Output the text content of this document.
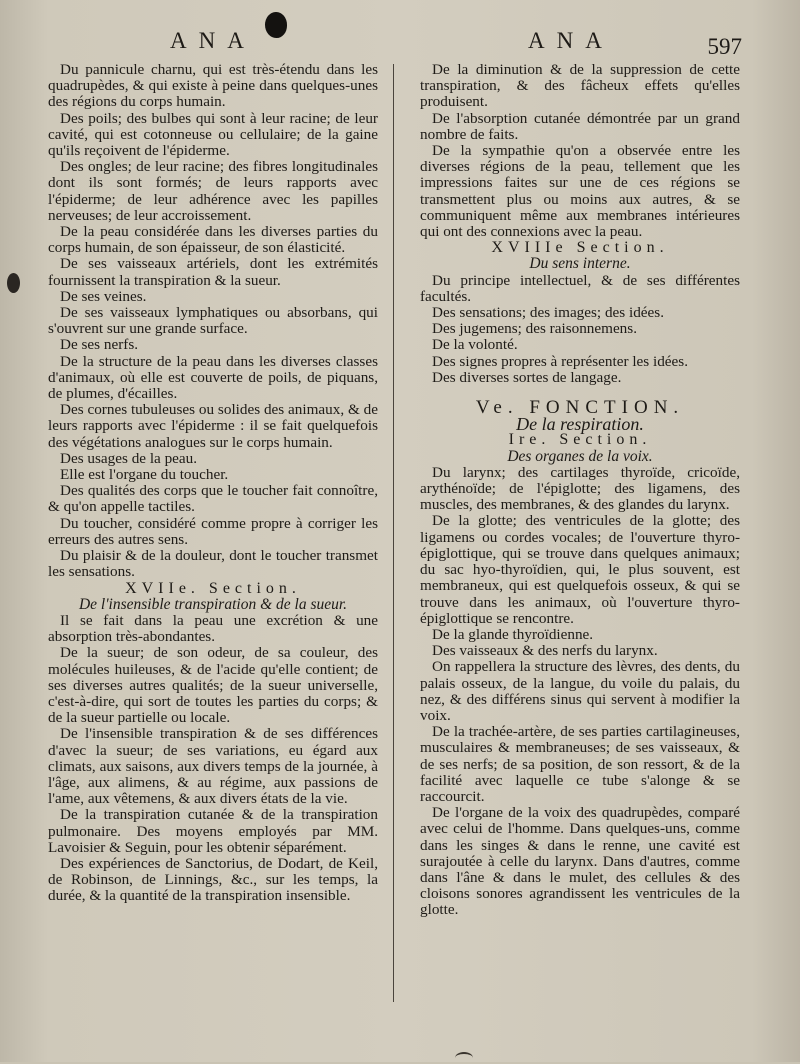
ANA	ANA	597

Du pannicule charnu, qui est très-étendu dans les quadrupèdes, & qui existe à peine dans quelques-unes des régions du corps humain.

Des poils; des bulbes qui sont à leur racine; de leur cavité, qui est cotonneuse ou cellulaire; de la gaine qu'ils reçoivent de l'épiderme.

Des ongles; de leur racine; des fibres longitudinales dont ils sont formés; de leurs rapports avec l'épiderme; de leur adhérence avec les papilles nerveuses; de leur accroissement.

De la peau considérée dans les diverses parties du corps humain, de son épaisseur, de son élasticité.

De ses vaisseaux artériels, dont les extrémités fournissent la transpiration & la sueur.

De ses veines.

De ses vaisseaux lymphatiques ou absorbans, qui s'ouvrent sur une grande surface.

De ses nerfs.

De la structure de la peau dans les diverses classes d'animaux, où elle est couverte de poils, de piquans, de plumes, d'écailles.

Des cornes tubuleuses ou solides des animaux, & de leurs rapports avec l'épiderme : il se fait quelquefois des végétations analogues sur le corps humain.

Des usages de la peau.

Elle est l'organe du toucher.

Des qualités des corps que le toucher fait connoître, & qu'on appelle tactiles.

Du toucher, considéré comme propre à corriger les erreurs des autres sens.

Du plaisir & de la douleur, dont le toucher transmet les sensations.

XVIIe. Section.

De l'insensible transpiration & de la sueur.

Il se fait dans la peau une excrétion & une absorption très-abondantes.

De la sueur; de son odeur, de sa couleur, des molécules huileuses, & de l'acide qu'elle contient; de ses diverses autres qualités; de la sueur universelle, c'est-à-dire, qui sort de toutes les parties du corps; & de la sueur partielle ou locale.

De l'insensible transpiration & de ses différences d'avec la sueur; de ses variations, eu égard aux climats, aux saisons, aux divers temps de la journée, à l'âge, aux alimens, & au régime, aux passions de l'ame, aux vêtemens, & aux divers états de la vie.

De la transpiration cutanée & de la transpiration pulmonaire. Des moyens employés par MM. Lavoisier & Seguin, pour les obtenir séparément.

Des expériences de Sanctorius, de Dodart, de Keil, de Robinson, de Linnings, &c., sur les temps, la durée, & la quantité de la transpiration insensible.

De la diminution & de la suppression de cette transpiration, & des fâcheux effets qu'elles produisent.

De l'absorption cutanée démontrée par un grand nombre de faits.

De la sympathie qu'on a observée entre les diverses régions de la peau, tellement que les impressions faites sur une de ces régions se transmettent plus ou moins aux autres, & se communiquent même aux membranes intérieures qui ont des connexions avec la peau.

XVIIIe Section.

Du sens interne.

Du principe intellectuel, & de ses différentes facultés.

Des sensations; des images; des idées.

Des jugemens; des raisonnemens.

De la volonté.

Des signes propres à représenter les idées.

Des diverses sortes de langage.

Ve. FONCTION.

De la respiration.

Ire. Section.

Des organes de la voix.

Du larynx; des cartilages thyroïde, cricoïde, arythénoïde; de l'épiglotte; des ligamens, des muscles, des membranes, & des glandes du larynx.

De la glotte; des ventricules de la glotte; des ligamens ou cordes vocales; de l'ouverture thyro-épiglottique, qui se trouve dans quelques animaux; du sac hyo-thyroïdien, qui, le plus souvent, est membraneux, qui est quelquefois osseux, & qui se trouve dans les animaux, où l'ouverture thyro-épiglottique se rencontre.

De la glande thyroïdienne.

Des vaisseaux & des nerfs du larynx.

On rappellera la structure des lèvres, des dents, du palais osseux, de la langue, du voile du palais, du nez, & des différens sinus qui servent à modifier la voix.

De la trachée-artère, de ses parties cartilagineuses, musculaires & membraneuses; de ses vaisseaux, & de ses nerfs; de sa position, de son ressort, & de la facilité avec laquelle ce tube s'alonge & se raccourcit.

De l'organe de la voix des quadrupèdes, comparé avec celui de l'homme. Dans quelques-uns, comme dans les singes & dans le renne, une cavité est surajoutée à celle du larynx. Dans d'autres, comme dans l'âne & dans le mulet, des cellules & des cloisons sonores agrandissent les ventricules de la glotte.
